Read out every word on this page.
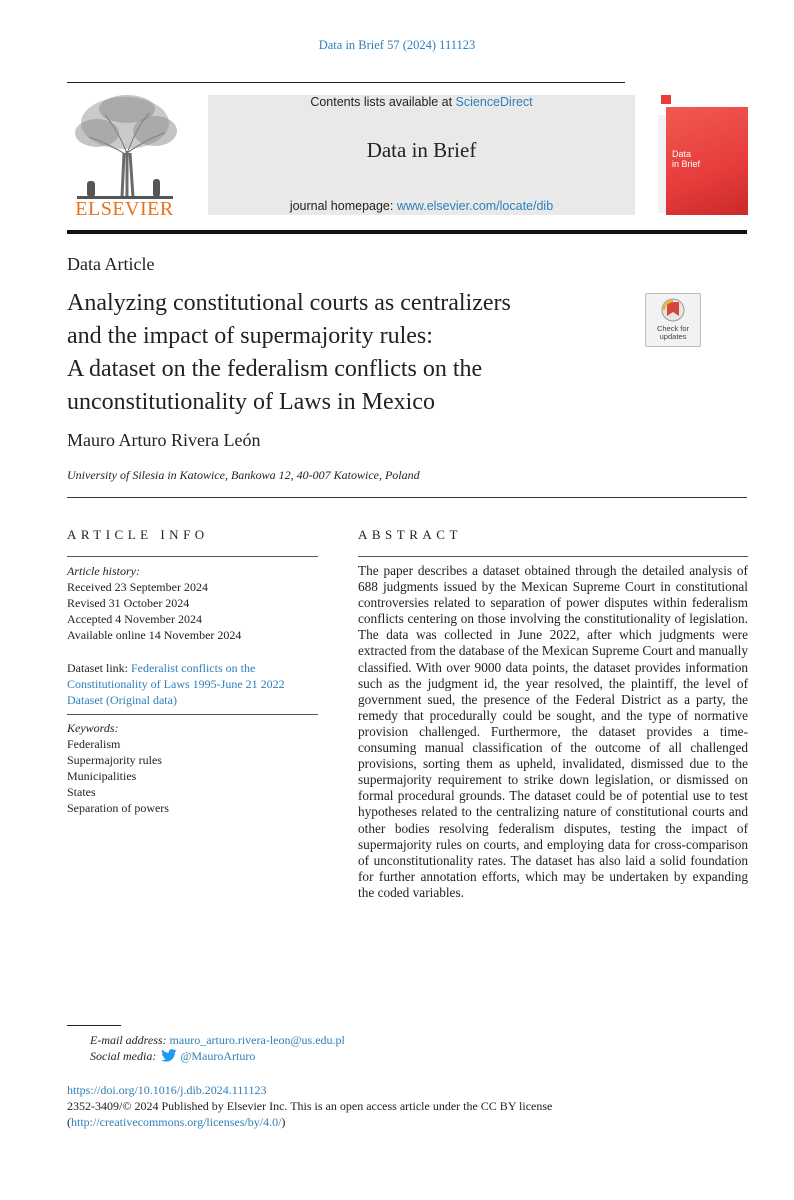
Data in Brief 57 (2024) 111123
ELSEVIER
Contents lists available at ScienceDirect
Data in Brief
journal homepage: www.elsevier.com/locate/dib
Data
in Brief
Data Article
Analyzing constitutional courts as centralizers
and the impact of supermajority rules:
A dataset on the federalism conflicts on the
unconstitutionality of Laws in Mexico
Check for
updates
Mauro Arturo Rivera León
University of Silesia in Katowice, Bankowa 12, 40-007 Katowice, Poland
ARTICLE INFO	ABSTRACT
Article history:
Received 23 September 2024
Revised 31 October 2024
Accepted 4 November 2024
Available online 14 November 2024
Dataset link: Federalist conflicts on the
Constitutionality of Laws 1995-June 21 2022
Dataset (Original data)
Keywords:
Federalism
Supermajority rules
Municipalities
States
Separation of powers

The paper describes a dataset obtained through the detailed analysis of 688 judgments issued by the Mexican Supreme Court in constitutional controversies related to separation of power disputes within federalism conflicts centering on those involving the constitutionality of legislation. The data was collected in June 2022, after which judgments were extracted from the database of the Mexican Supreme Court and manually classified. With over 9000 data points, the dataset provides information such as the judgment id, the year resolved, the plaintiff, the level of government sued, the presence of the Federal District as a party, the remedy that procedurally could be sought, and the type of normative provision challenged. Furthermore, the dataset provides a time-consuming manual classification of the outcome of all challenged provisions, sorting them as upheld, invalidated, dismissed due to the supermajority requirement to strike down legislation, or dismissed on formal procedural grounds. The dataset could be of potential use to test hypotheses related to the centralizing nature of constitutional courts and other bodies resolving federalism disputes, testing the impact of supermajority rules on courts, and employing data for cross-comparison of unconstitutionality rates. The dataset has also laid a solid foundation for further annotation efforts, which may be undertaken by expanding the coded variables.

E-mail address: mauro_arturo.rivera-leon@us.edu.pl
Social media: @MauroArturo
https://doi.org/10.1016/j.dib.2024.111123
2352-3409/© 2024 Published by Elsevier Inc. This is an open access article under the CC BY license
(http://creativecommons.org/licenses/by/4.0/)
